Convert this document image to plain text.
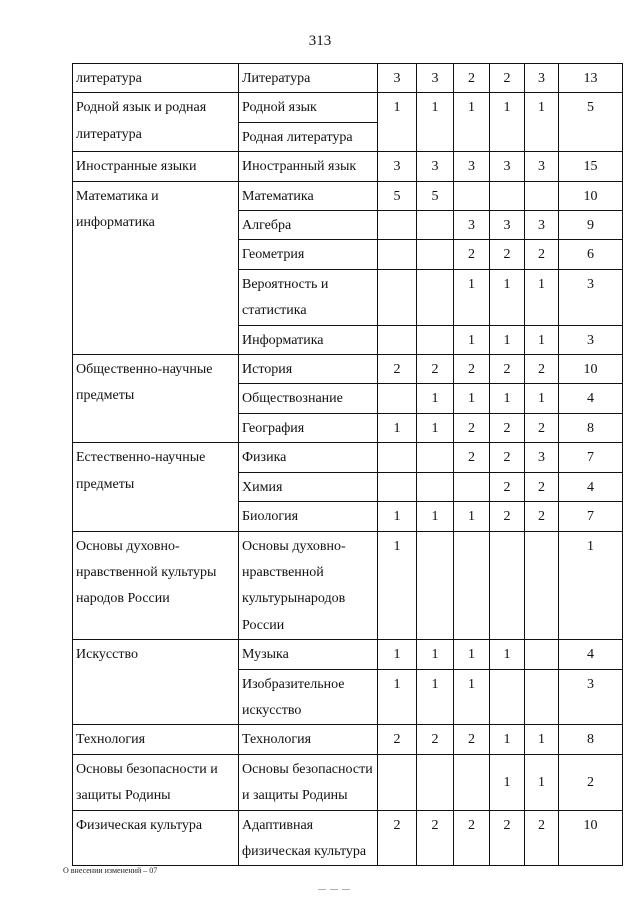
313
литература	Литература	3	3	2	2	3	13
Родной язык и родная литература	Родной язык	1	1	1	1	1	5
	Родная литература						
Иностранные языки	Иностранный язык	3	3	3	3	3	15
Математика и информатика	Математика	5	5				10
	Алгебра			3	3	3	9
	Геометрия			2	2	2	6
	Вероятность и статистика			1	1	1	3
	Информатика			1	1	1	3
Общественно-научные предметы	История	2	2	2	2	2	10
	Обществознание		1	1	1	1	4
	География	1	1	2	2	2	8
Естественно-научные предметы	Физика			2	2	3	7
	Химия				2	2	4
	Биология	1	1	1	2	2	7
Основы духовно-нравственной культуры народов России	Основы духовно-нравственной культурынародов России	1					1
Искусство	Музыка	1	1	1	1		4
	Изобразительное искусство	1	1	1			3
Технология	Технология	2	2	2	1	1	8
Основы безопасности и защиты Родины	Основы безопасности и защиты Родины				1	1	2
Физическая культура	Адаптивная физическая культура	2	2	2	2	2	10
О внесении изменений – 07
— — —
